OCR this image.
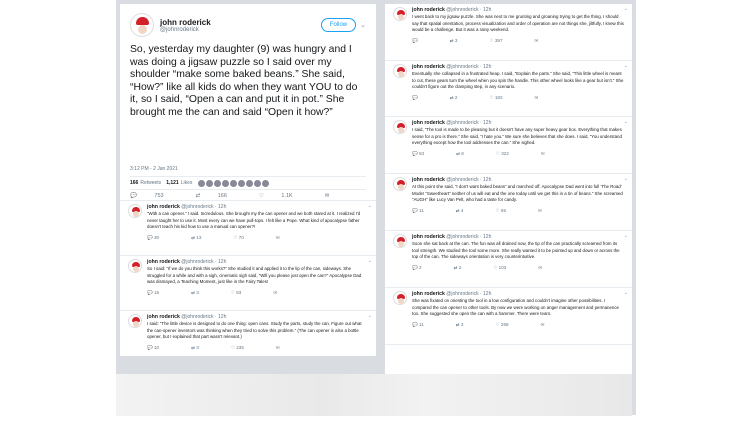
john roderick
@johnroderick
Follow	⌄
So, yesterday my daughter (9) was hungry and I was doing a jigsaw puzzle so I said over my shoulder “make some baked beans.” She said, “How?” like all kids do when they want YOU to do it, so I said, “Open a can and put it in pot.” She brought me the can and said “Open it how?”
3:12 PM - 2 Jan 2021
166 Retweets 1,121 Likes
💬	753	⇄	166	♡	1.1K	✉
john roderick @johnroderick · 12h
“With a can opener.” I said. Incredulous. She brought my the can opener and we both stared at it. I realized I'd never taught her to use it. Most every can we have pull-tops. I felt like a Pope. What kind of apocalypse father doesn't teach his kid how to use a manual can opener?!
💬 30	⇄ 13	♡ 70	✉
⌄
john roderick @johnroderick · 12h
So I said: “If we do you think this works?” She studied it and applied it to the lip of the can, sideways. She struggled for a while and with a sigh, cinematic sigh said, “Will you please just open the can?” Apocalypse Dad was dismayed, a Teaching Moment, just like in the Fairy Tales!
💬 15	⇄ 3	♡ 83	✉
⌄
john roderick @johnroderick · 12h
I said: “The little device is designed to do one thing: open cans. Study the parts, study the can. Figure out what the can-opener inventors was thinking when they tried to solve this problem.” (The can opener is also a bottle opener, but I explained that part wasn't relevant.)
💬 10	⇄ 3	♡ 235	✉
⌄
john roderick @johnroderick · 12h
I went back to my jigsaw puzzle. She was next to me grunting and groaning trying to get the thing. I should say that spatial orientation, process visualization and order of operation are not things she, jiltfully, I knew this would be a challenge. But it was a rainy weekend.
💬	⇄ 3	♡ 397	✉
⌄
john roderick @johnroderick · 12h
Eventually she collapsed in a frustrated heap. I said, “Explain the parts.” She said, “This little wheel is meant to cut, these gears turn the wheel when you spin the handle. This other wheel looks like a gear but isn't.” She couldn't figure out the clamping step, in any scenario.
💬	⇄ 2	♡ 182	✉
⌄
john roderick @johnroderick · 12h
I said, “The tool is made to be pleasing but it doesn't have any super heavy gear box. Everything that makes sense for a pro is there.” She said, “I hate you.” We sure she believes that she does. I said, “You understand everything except how the tool addresses the can.” She sighed.
💬 53	⇄ 8	♡ 322	✉
⌄
john roderick @johnroderick · 12h
At this point she said, “I don't want baked beans” and marched off. Apocalypse Dad went into full ‘The Road’ Mode! “Sweetheart” neither of us will eat and the one today until we get this in a tin of beans.” She screamed “AUGH” like Lucy Van Pelt, who had a taste for candy.
💬 11	⇄ 4	♡ 65	✉
⌄
john roderick @johnroderick · 12h
Soon she sat back at the can. The fun was all drained now, the tip of the can practically screamed from its tool strength. We studied the tool some more. She really wanted it to be pointed up and down or across the top of the can. The sideways orientation is very counterintuitive.
💬 2	⇄ 2	♡ 103	✉
⌄
john roderick @johnroderick · 12h
She was fixated on orienting the tool in a low configuration and couldn't imagine other possibilities. I compared the can opener to other tools. By now we were working on anger management and permanence too. She suggested she open the can with a hammer. There were tears.
💬 11	⇄ 3	♡ 268	✉
⌄
